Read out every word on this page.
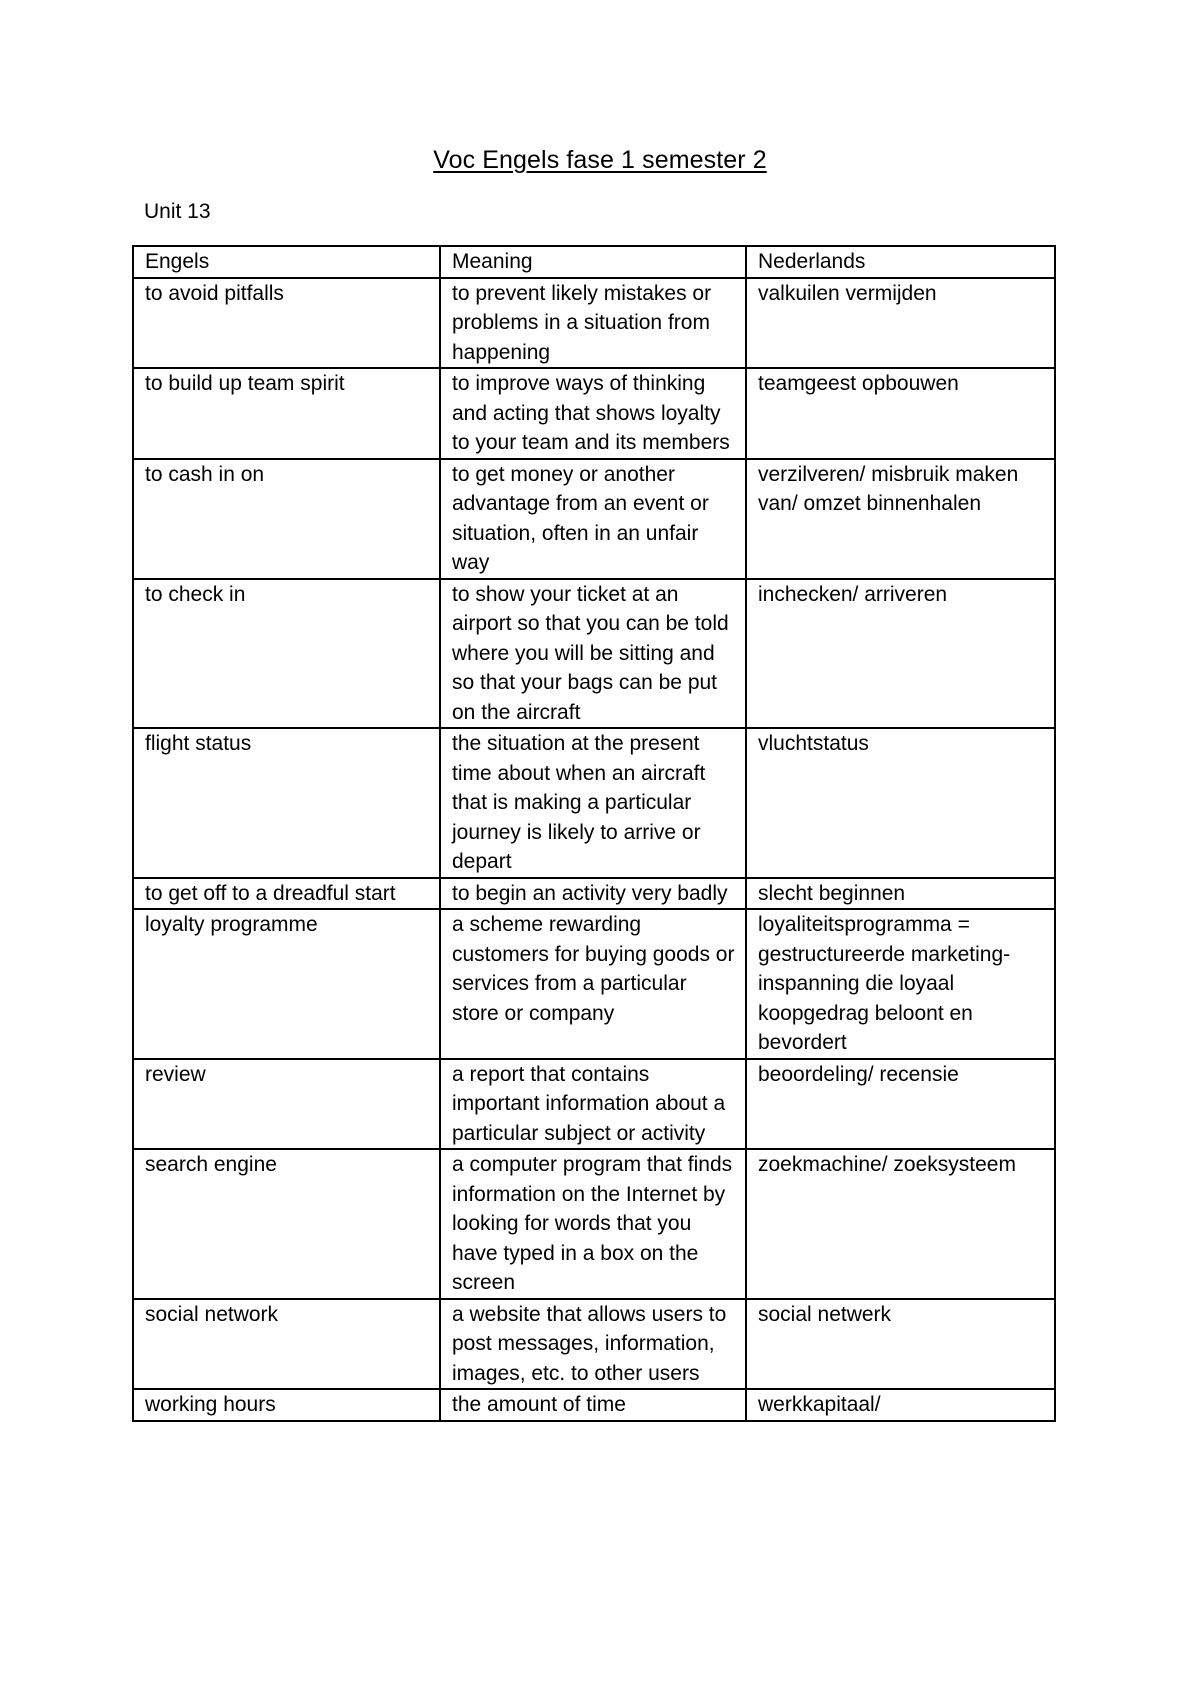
Voc Engels fase 1 semester 2
Unit 13
Engels	Meaning	Nederlands
to avoid pitfalls	to prevent likely mistakes or problems in a situation from happening	valkuilen vermijden
to build up team spirit	to improve ways of thinking and acting that shows loyalty to your team and its members	teamgeest opbouwen
to cash in on	to get money or another advantage from an event or situation, often in an unfair way	verzilveren/ misbruik maken van/ omzet binnenhalen
to check in	to show your ticket at an airport so that you can be told where you will be sitting and so that your bags can be put on the aircraft	inchecken/ arriveren
flight status	the situation at the present time about when an aircraft that is making a particular journey is likely to arrive or depart	vluchtstatus
to get off to a dreadful start	to begin an activity very badly	slecht beginnen
loyalty programme	a scheme rewarding customers for buying goods or services from a particular store or company	loyaliteitsprogramma = gestructureerde marketing-inspanning die loyaal koopgedrag beloont en bevordert
review	a report that contains important information about a particular subject or activity	beoordeling/ recensie
search engine	a computer program that finds information on the Internet by looking for words that you have typed in a box on the screen	zoekmachine/ zoeksysteem
social network	a website that allows users to post messages, information, images, etc. to other users	social netwerk
working hours	the amount of time	werkkapitaal/
